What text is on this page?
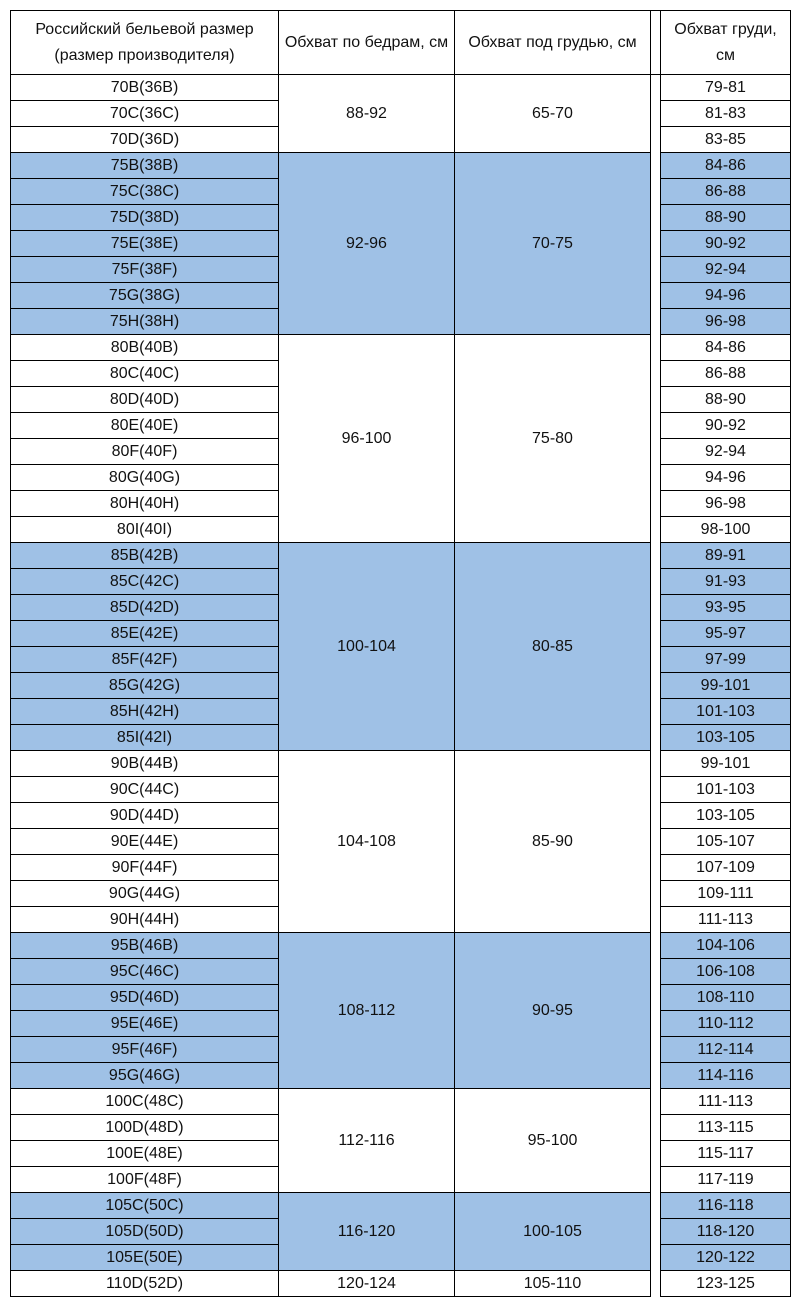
Российский бельевой размер (размер производителя)	Обхват по бедрам, см	Обхват под грудью, см		Обхват груди, см
70B(36B)	88-92	65-70		79-81
70C(36C)				81-83
70D(36D)				83-85
75B(38B)	92-96	70-75		84-86
75C(38C)				86-88
75D(38D)				88-90
75E(38E)				90-92
75F(38F)				92-94
75G(38G)				94-96
75H(38H)				96-98
80B(40B)	96-100	75-80		84-86
80C(40C)				86-88
80D(40D)				88-90
80E(40E)				90-92
80F(40F)				92-94
80G(40G)				94-96
80H(40H)				96-98
80I(40I)				98-100
85B(42B)	100-104	80-85		89-91
85C(42C)				91-93
85D(42D)				93-95
85E(42E)				95-97
85F(42F)				97-99
85G(42G)				99-101
85H(42H)				101-103
85I(42I)				103-105
90B(44B)	104-108	85-90		99-101
90C(44C)				101-103
90D(44D)				103-105
90E(44E)				105-107
90F(44F)				107-109
90G(44G)				109-111
90H(44H)				111-113
95B(46B)	108-112	90-95		104-106
95C(46C)				106-108
95D(46D)				108-110
95E(46E)				110-112
95F(46F)				112-114
95G(46G)				114-116
100C(48C)	112-116	95-100		111-113
100D(48D)				113-115
100E(48E)				115-117
100F(48F)				117-119
105C(50C)	116-120	100-105		116-118
105D(50D)				118-120
105E(50E)				120-122
110D(52D)	120-124	105-110		123-125
